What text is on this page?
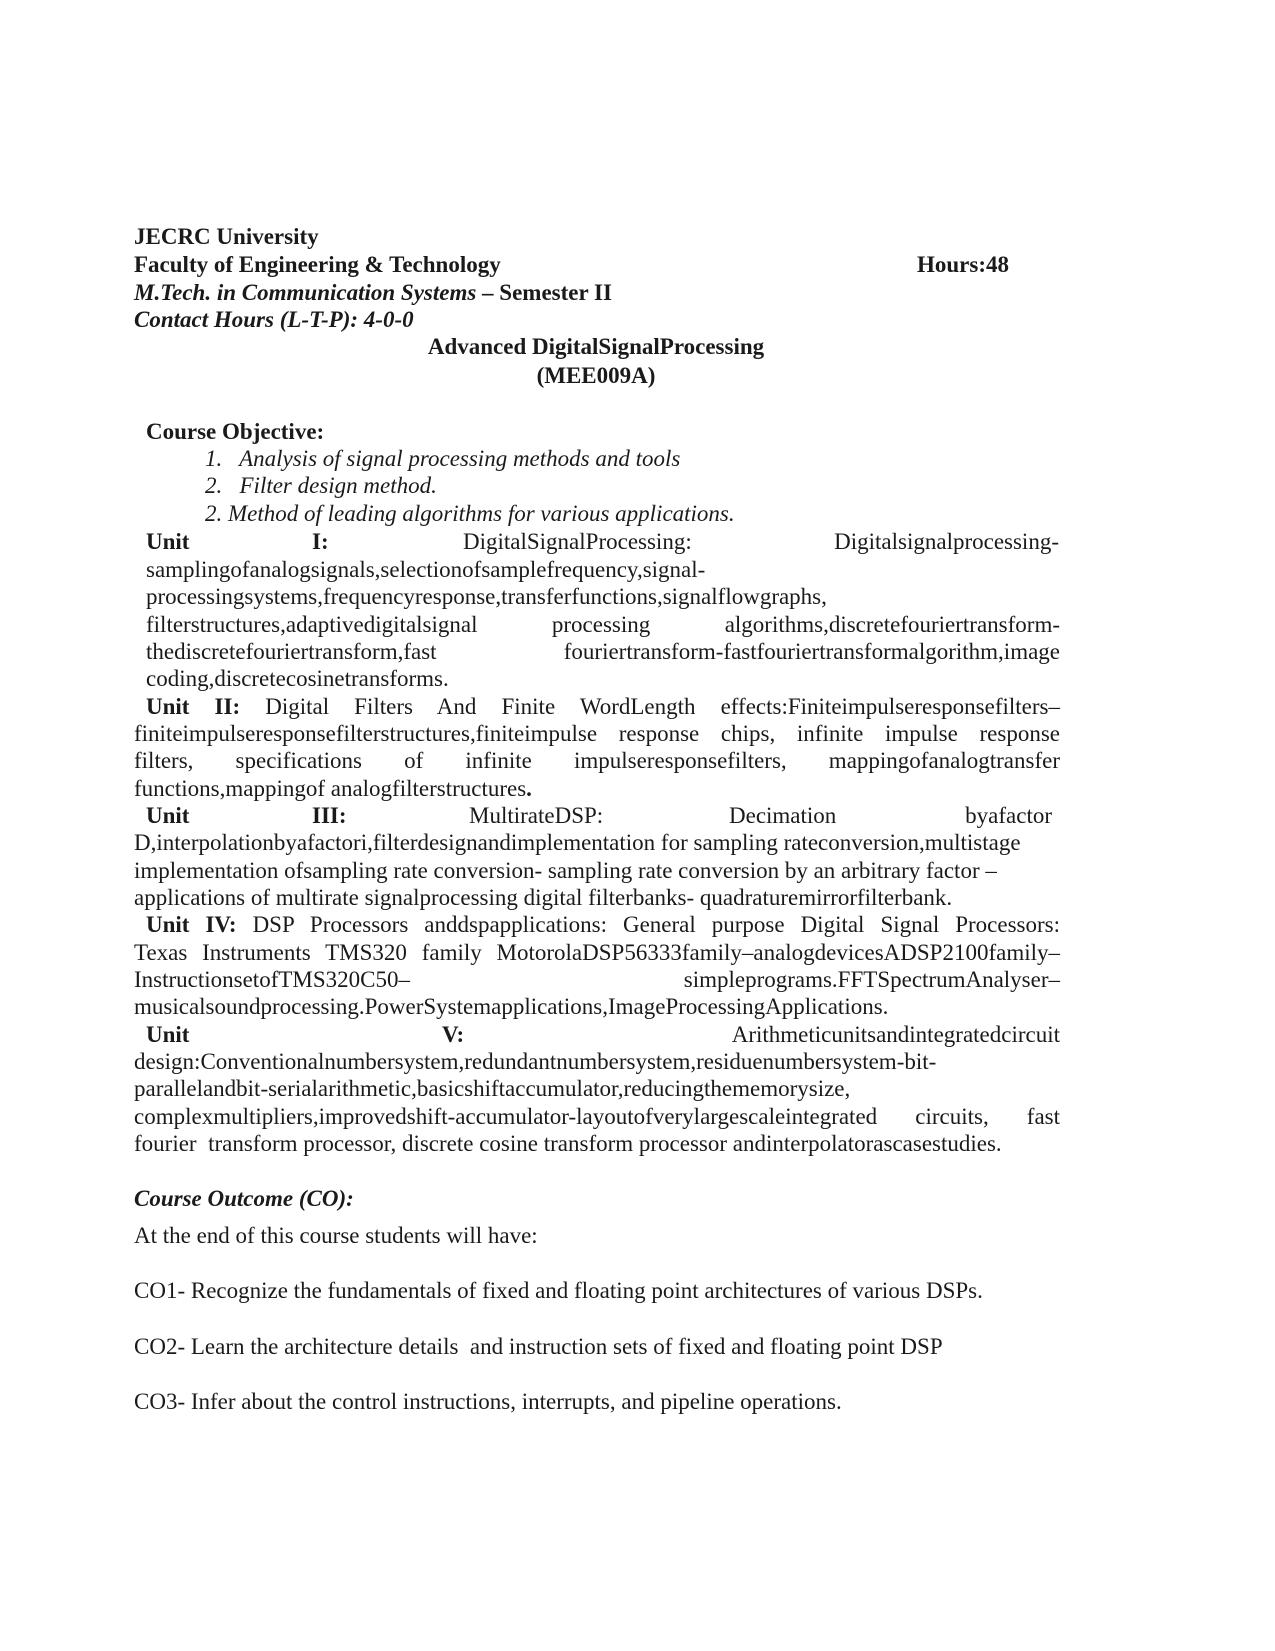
JECRC University
Faculty of Engineering & Technology	Hours:48
M.Tech. in Communication Systems – Semester II
Contact Hours (L-T-P): 4-0-0
Advanced DigitalSignalProcessing
(MEE009A)
Course Objective:
1.   Analysis of signal processing methods and tools
2.   Filter design method.
2. Method of leading algorithms for various applications.
Unit	I:	DigitalSignalProcessing:	Digitalsignalprocessing-
samplingofanalogsignals,selectionofsamplefrequency,signal-
processingsystems,frequencyresponse,transferfunctions,signalflowgraphs,
filterstructures,adaptivedigitalsignal processing algorithms,discretefouriertransform-
thediscretefouriertransform,fast fouriertransform-fastfouriertransformalgorithm,image
coding,discretecosinetransforms.
Unit II: Digital Filters And Finite WordLength effects:Finiteimpulseresponsefilters–
finiteimpulseresponsefilterstructures,finiteimpulse response chips, infinite impulse response
filters, specifications of infinite impulseresponsefilters, mappingofanalogtransfer
functions,mappingof analogfilterstructures.
Unit	III:	MultirateDSP:	Decimation	byafactor
D,interpolationbyafactori,filterdesignandimplementation for sampling rateconversion,multistage
implementation ofsampling rate conversion- sampling rate conversion by an arbitrary factor –
applications of multirate signalprocessing digital filterbanks- quadraturemirrorfilterbank.
Unit IV: DSP Processors anddspapplications: General purpose Digital Signal Processors:
Texas Instruments TMS320 family MotorolaDSP56333family–analogdevicesADSP2100family–
InstructionsetofTMS320C50– simpleprograms.FFTSpectrumAnalyser–
musicalsoundprocessing.PowerSystemapplications,ImageProcessingApplications.
Unit	V:	Arithmeticunitsandintegratedcircuit
design:Conventionalnumbersystem,redundantnumbersystem,residuenumbersystem-bit-
parallelandbit-serialarithmetic,basicshiftaccumulator,reducingthememorysize,
complexmultipliers,improvedshift-accumulator-layoutofverylargescaleintegrated circuits, fast
fourier  transform processor, discrete cosine transform processor andinterpolatorascasestudies.
Course Outcome (CO):
At the end of this course students will have:
CO1- Recognize the fundamentals of fixed and floating point architectures of various DSPs.
CO2- Learn the architecture details  and instruction sets of fixed and floating point DSP
CO3- Infer about the control instructions, interrupts, and pipeline operations.
